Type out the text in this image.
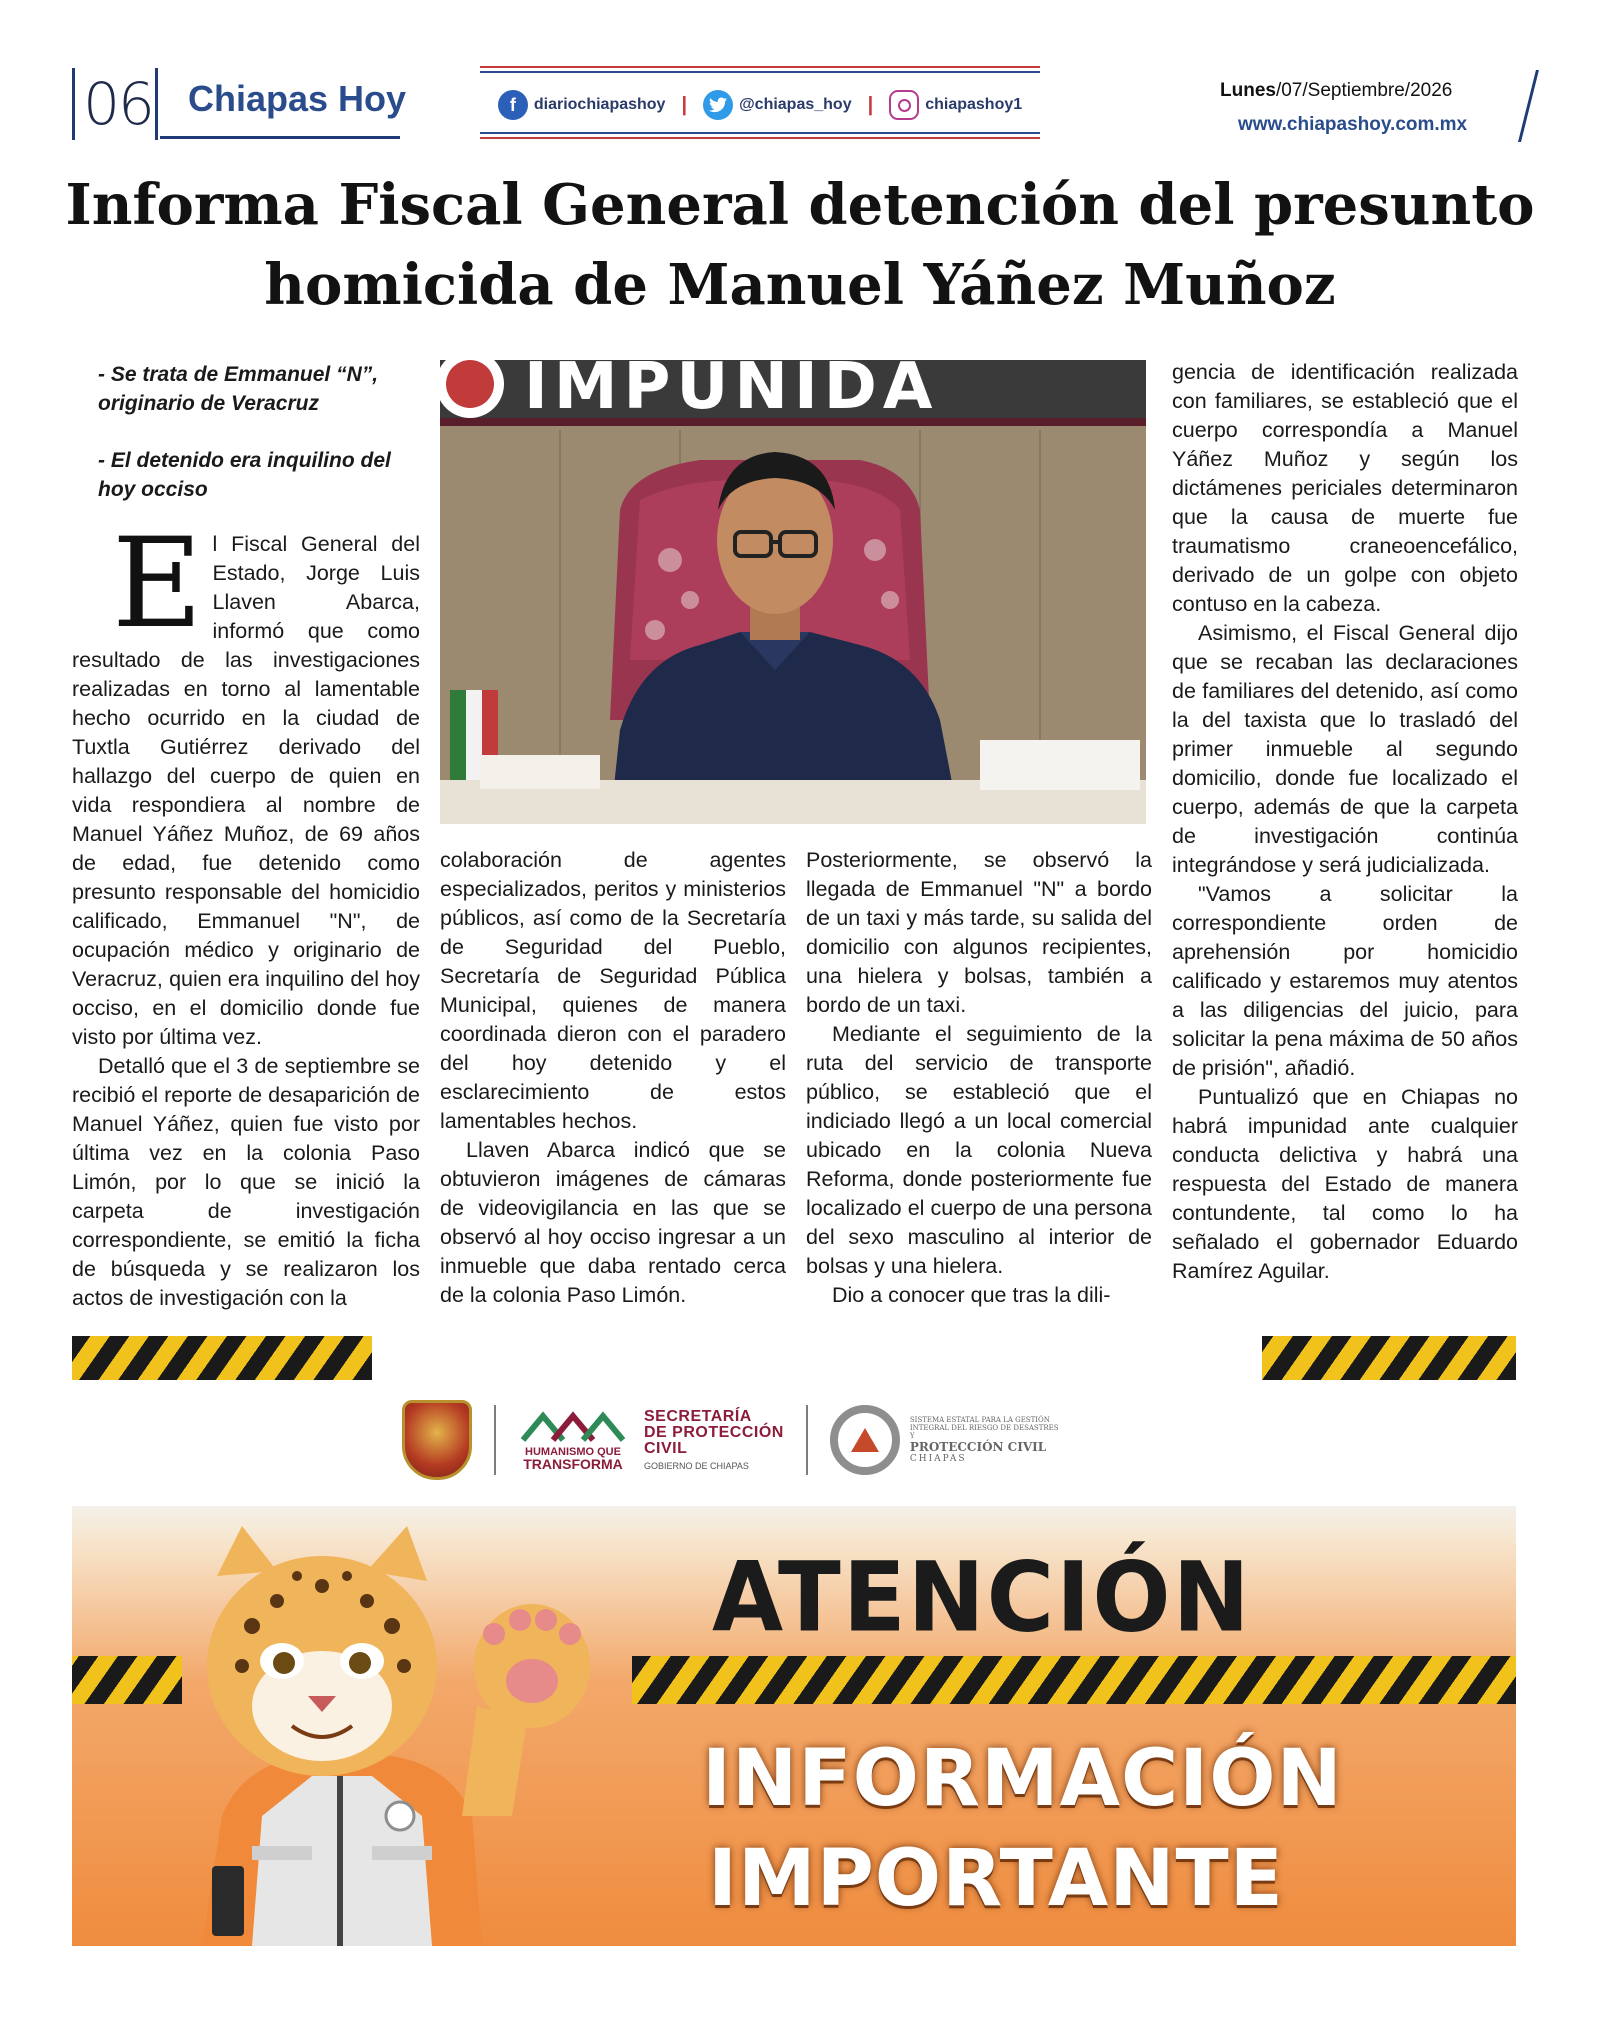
06 Chiapas Hoy	f	diariochiapashoy |	@chiapas_hoy |	chiapashoy1
Lunes/07/Septiembre/2026
www.chiapashoy.com.mx
Informa Fiscal General detención del presunto
homicida de Manuel Yáñez Muñoz
- Se trata de Emmanuel “N”, originario de Veracruz
- El detenido era inquilino del hoy occiso

El Fiscal General del Estado, Jorge Luis Llaven Abarca, informó que como resultado de las investigaciones realizadas en torno al lamentable hecho ocurrido en la ciudad de Tuxtla Gutiérrez derivado del hallazgo del cuerpo de quien en vida respondiera al nombre de Manuel Yáñez Muñoz, de 69 años de edad, fue detenido como presunto responsable del homicidio calificado, Emmanuel "N", de ocupación médico y originario de Veracruz, quien era inquilino del hoy occiso, en el domicilio donde fue visto por última vez.

Detalló que el 3 de septiembre se recibió el reporte de desaparición de Manuel Yáñez, quien fue visto por última vez en la colonia Paso Limón, por lo que se inició la carpeta de investigación correspondiente, se emitió la ficha de búsqueda y se realizaron los actos de investigación con la

IMPUNIDA

colaboración de agentes especializados, peritos y ministerios públicos, así como de la Secretaría de Seguridad del Pueblo, Secretaría de Seguridad Pública Municipal, quienes de manera coordinada dieron con el paradero del hoy detenido y el esclarecimiento de estos lamentables hechos.

Llaven Abarca indicó que se obtuvieron imágenes de cámaras de videovigilancia en las que se observó al hoy occiso ingresar a un inmueble que daba rentado cerca de la colonia Paso Limón.

Posteriormente, se observó la llegada de Emmanuel "N" a bordo de un taxi y más tarde, su salida del domicilio con algunos recipientes, una hielera y bolsas, también a bordo de un taxi.

Mediante el seguimiento de la ruta del servicio de transporte público, se estableció que el indiciado llegó a un local comercial ubicado en la colonia Nueva Reforma, donde posteriormente fue localizado el cuerpo de una persona del sexo masculino al interior de bolsas y una hielera.

Dio a conocer que tras la dili-

gencia de identificación realizada con familiares, se estableció que el cuerpo correspondía a Manuel Yáñez Muñoz y según los dictámenes periciales determinaron que la causa de muerte fue traumatismo craneoencefálico, derivado de un golpe con objeto contuso en la cabeza.

Asimismo, el Fiscal General dijo que se recaban las declaraciones de familiares del detenido, así como la del taxista que lo trasladó del primer inmueble al segundo domicilio, donde fue localizado el cuerpo, además de que la carpeta de investigación continúa integrándose y será judicializada.

"Vamos a solicitar la correspondiente orden de aprehensión por homicidio calificado y estaremos muy atentos a las diligencias del juicio, para solicitar la pena máxima de 50 años de prisión", añadió.

Puntualizó que en Chiapas no habrá impunidad ante cualquier conducta delictiva y habrá una respuesta del Estado de manera contundente, tal como lo ha señalado el gobernador Eduardo Ramírez Aguilar.

HUMANISMO QUE
TRANSFORMA
SECRETARÍA
DE PROTECCIÓN
CIVIL
GOBIERNO DE CHIAPAS
SISTEMA ESTATAL PARA LA GESTIÓN INTEGRAL DEL RIESGO DE DESASTRES Y
PROTECCIÓN CIVIL
CHIAPAS
ATENCIÓN
INFORMACIÓN
IMPORTANTE
